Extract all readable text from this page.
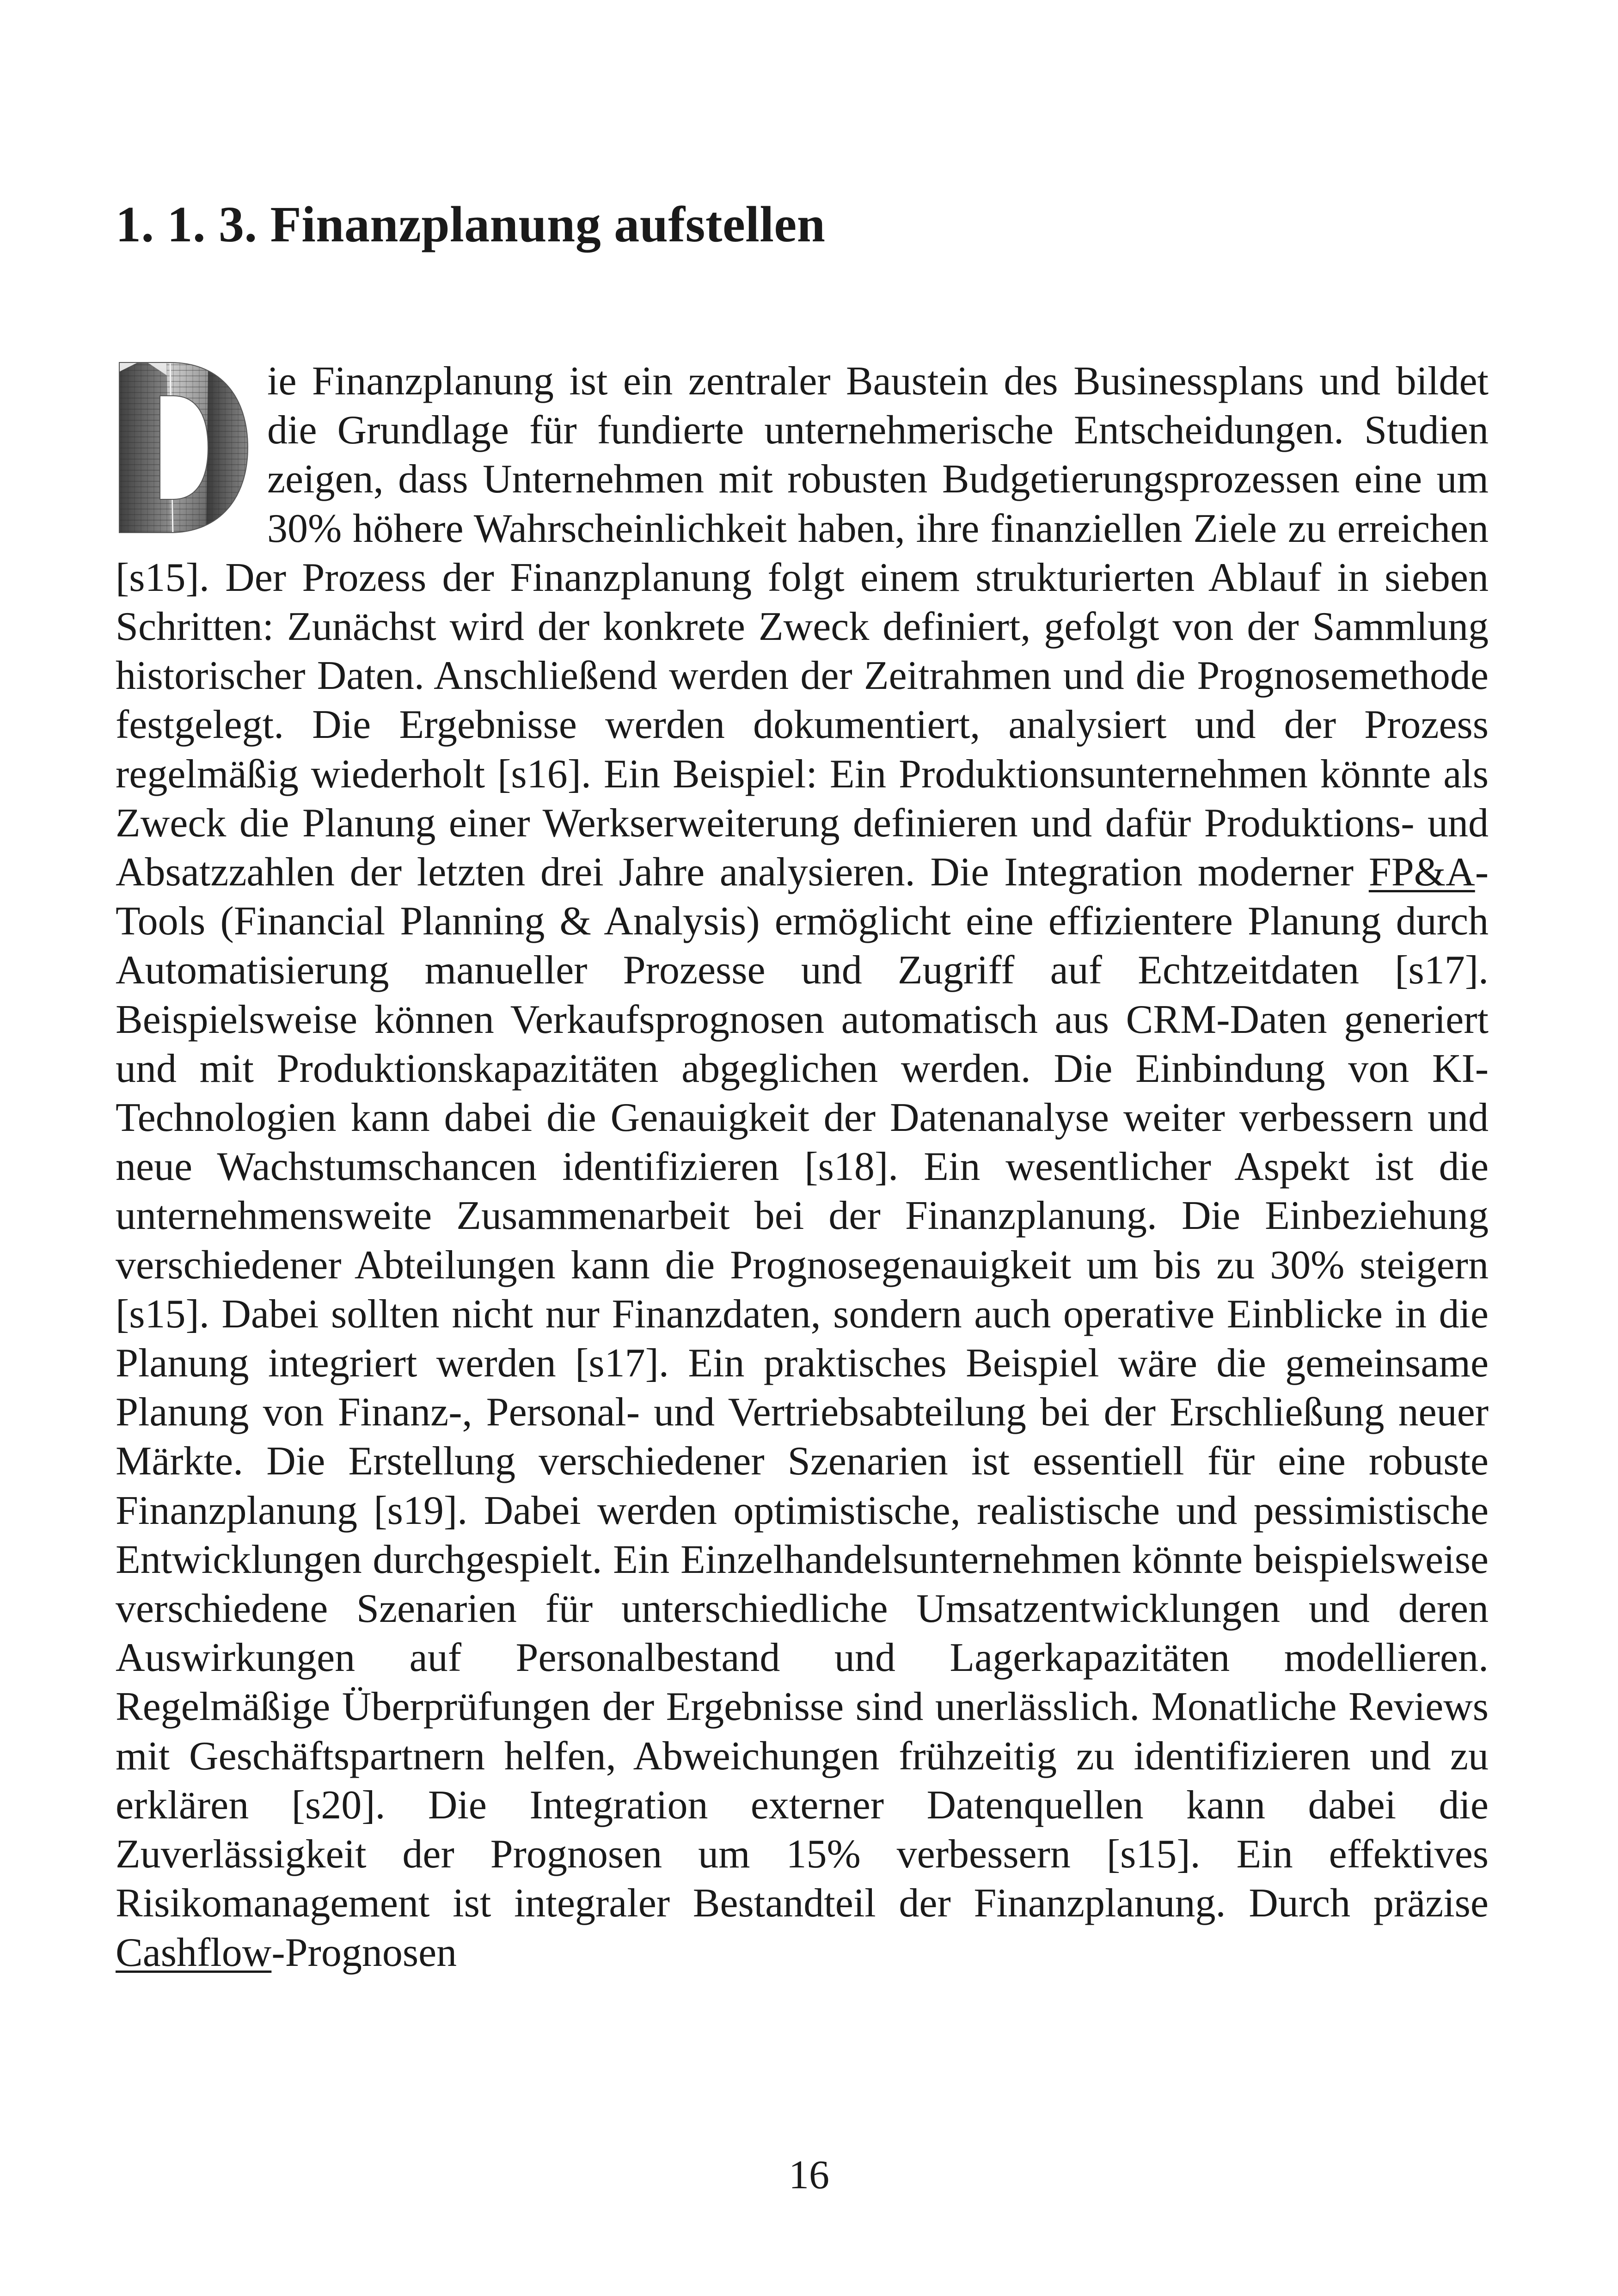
1. 1. 3. Finanzplanung aufstellen

ie Finanzplanung ist ein zentraler Baustein des Businessplans und bildet die Grundlage für fundierte unternehmerische Entscheidungen. Studien zeigen, dass Unternehmen mit robusten Budgetierungsprozessen eine um 30% höhere Wahrscheinlichkeit haben, ihre finanziellen Ziele zu erreichen [s15]. Der Prozess der Finanzplanung folgt einem strukturierten Ablauf in sieben Schritten: Zunächst wird der konkrete Zweck definiert, gefolgt von der Sammlung historischer Daten. Anschließend werden der Zeitrahmen und die Prognosemethode festgelegt. Die Ergebnisse werden dokumentiert, analysiert und der Prozess regelmäßig wiederholt [s16]. Ein Beispiel: Ein Produktionsunternehmen könnte als Zweck die Planung einer Werkserweiterung definieren und dafür Produktions- und Absatzzahlen der letzten drei Jahre analysieren. Die Integration moderner FP&A-Tools (Financial Planning & Analysis) ermöglicht eine effizientere Planung durch Automatisierung manueller Prozesse und Zugriff auf Echtzeitdaten [s17]. Beispielsweise können Verkaufsprognosen automatisch aus CRM-Daten generiert und mit Produktionskapazitäten abgeglichen werden. Die Einbindung von KI-Technologien kann dabei die Genauigkeit der Datenanalyse weiter verbessern und neue Wachstumschancen identifizieren [s18]. Ein wesentlicher Aspekt ist die unternehmensweite Zusammenarbeit bei der Finanzplanung. Die Einbeziehung verschiedener Abteilungen kann die Prognosegenauigkeit um bis zu 30% steigern [s15]. Dabei sollten nicht nur Finanzdaten, sondern auch operative Einblicke in die Planung integriert werden [s17]. Ein praktisches Beispiel wäre die gemeinsame Planung von Finanz-, Personal- und Vertriebsabteilung bei der Erschließung neuer Märkte. Die Erstellung verschiedener Szenarien ist essentiell für eine robuste Finanzplanung [s19]. Dabei werden optimistische, realistische und pessimistische Entwicklungen durchgespielt. Ein Einzelhandelsunternehmen könnte beispielsweise verschiedene Szenarien für unterschiedliche Umsatzentwicklungen und deren Auswirkungen auf Personalbestand und Lagerkapazitäten modellieren. Regelmäßige Überprüfungen der Ergebnisse sind unerlässlich. Monatliche Reviews mit Geschäftspartnern helfen, Abweichungen frühzeitig zu identifizieren und zu erklären [s20]. Die Integration externer Datenquellen kann dabei die Zuverlässigkeit der Prognosen um 15% verbessern [s15]. Ein effektives Risikomanagement ist integraler Bestandteil der Finanzplanung. Durch präzise Cashflow-Prognosen

16
